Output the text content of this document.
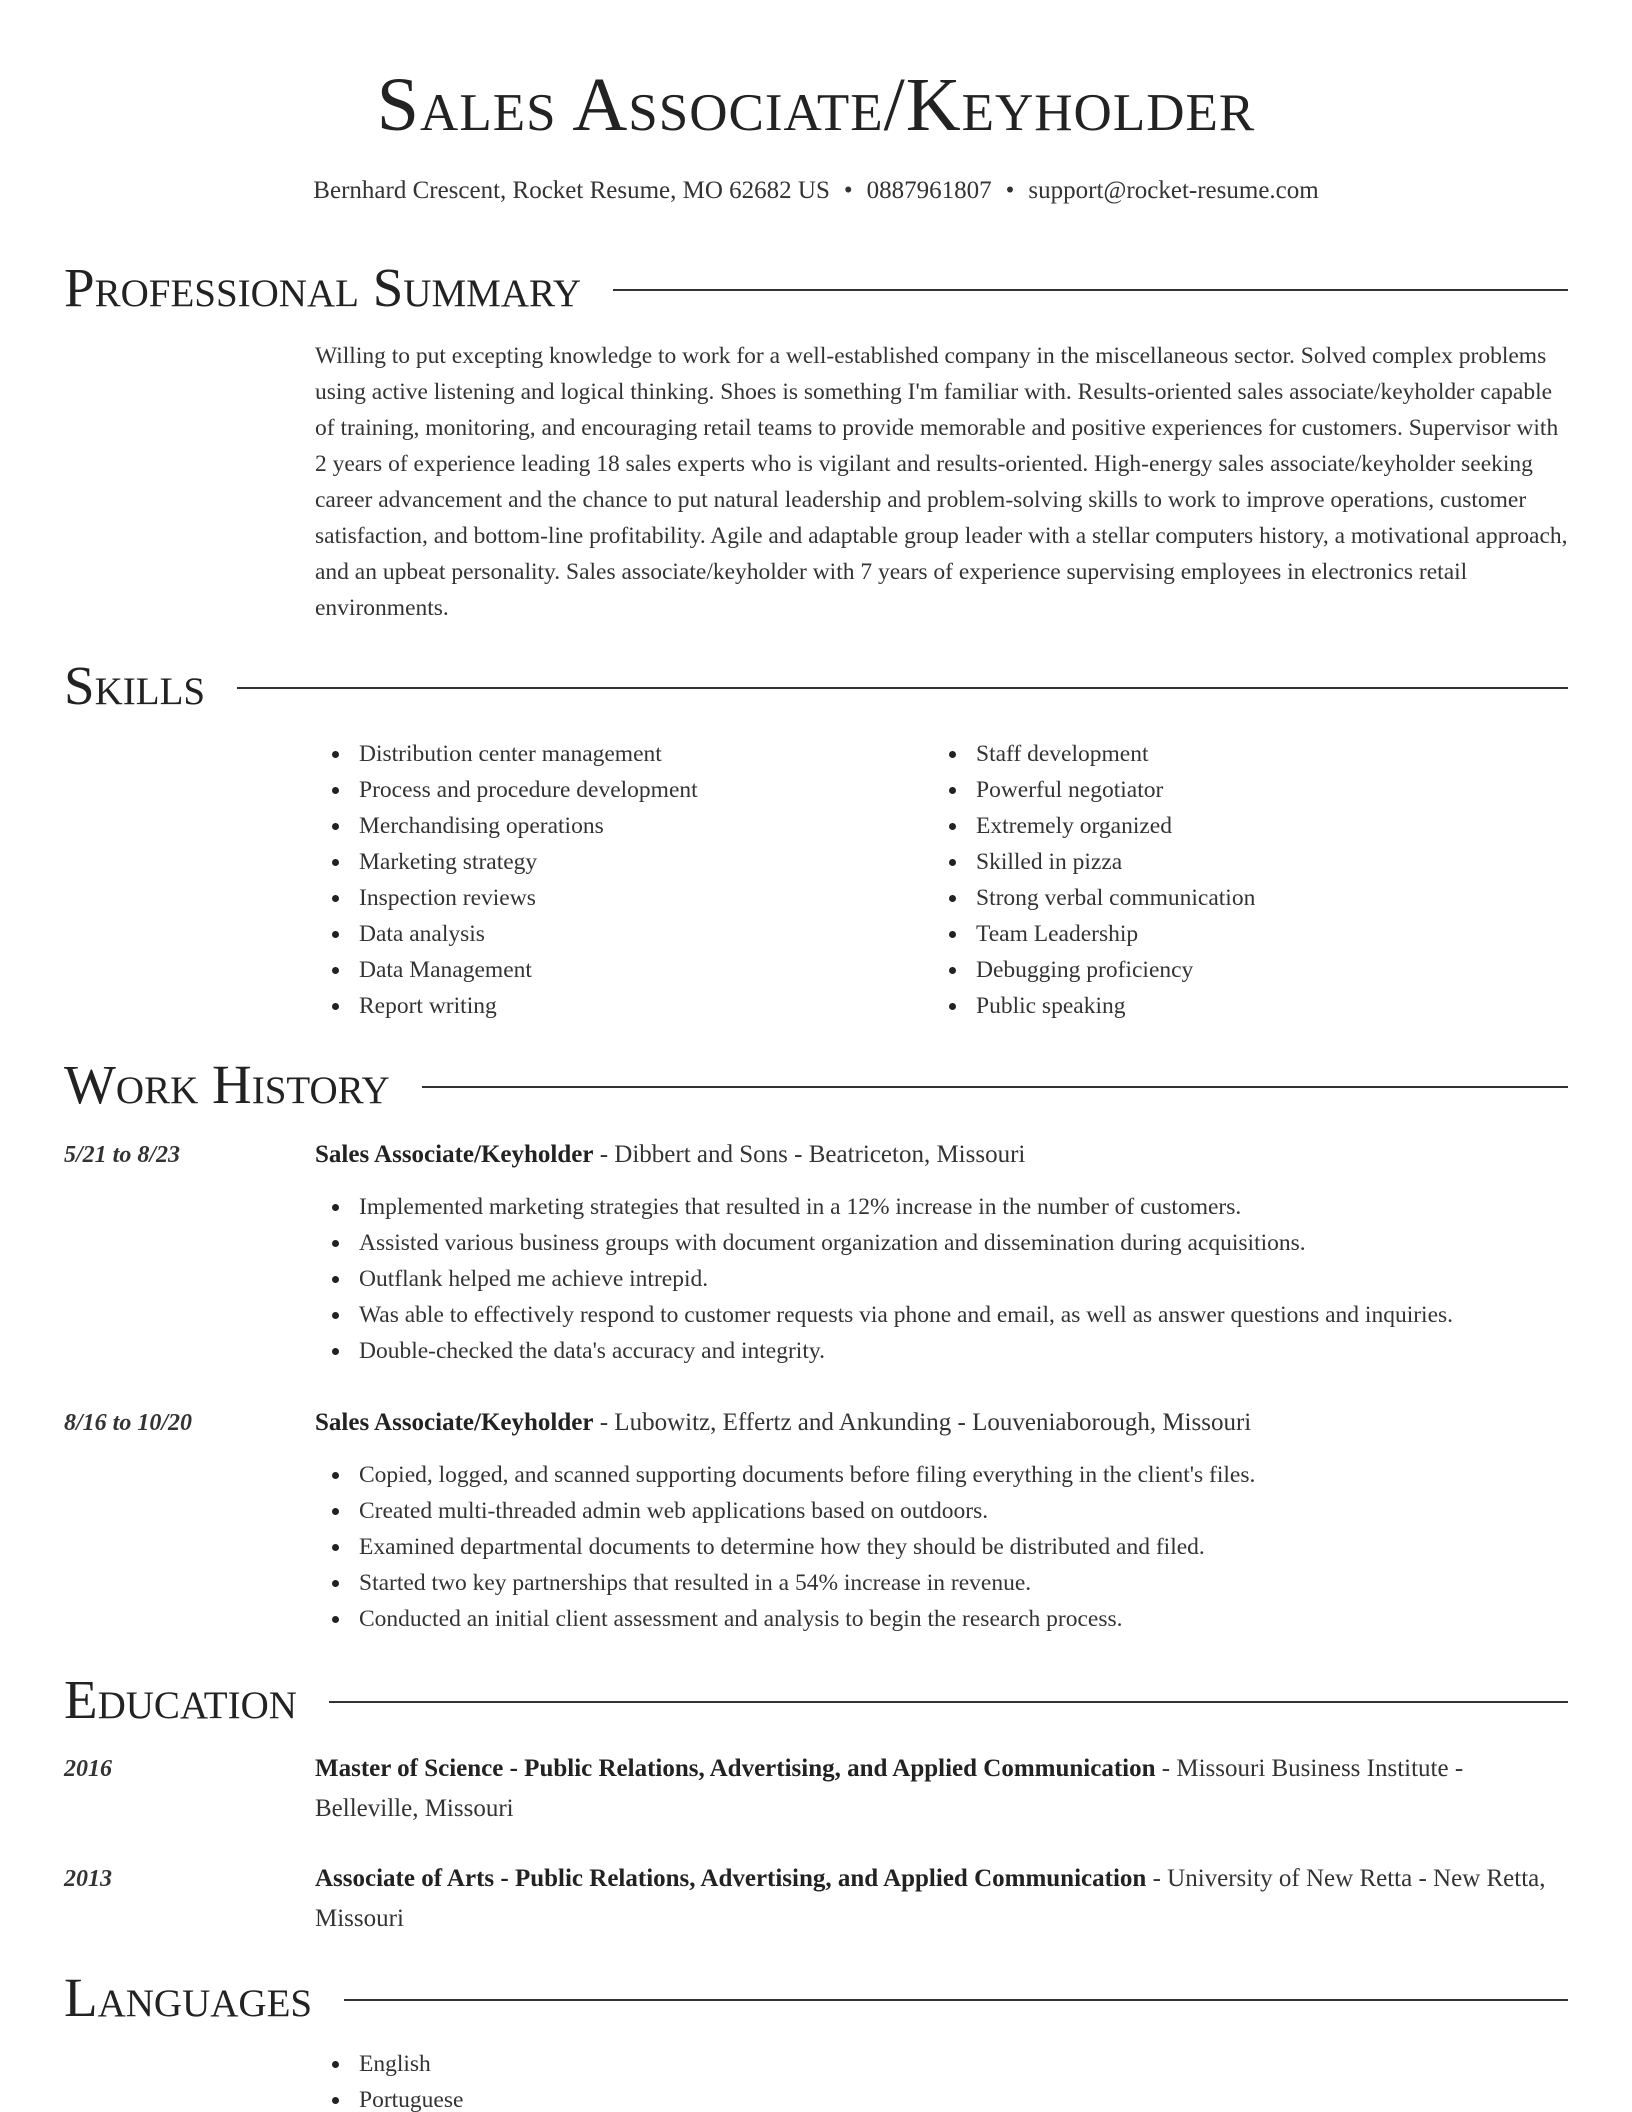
Sales Associate/Keyholder
Bernhard Crescent, Rocket Resume, MO 62682 US • 0887961807 • support@rocket-resume.com
Professional Summary
Willing to put excepting knowledge to work for a well-established company in the miscellaneous sector. Solved complex problems using active listening and logical thinking. Shoes is something I'm familiar with. Results-oriented sales associate/keyholder capable of training, monitoring, and encouraging retail teams to provide memorable and positive experiences for customers. Supervisor with 2 years of experience leading 18 sales experts who is vigilant and results-oriented. High-energy sales associate/keyholder seeking career advancement and the chance to put natural leadership and problem-solving skills to work to improve operations, customer satisfaction, and bottom-line profitability. Agile and adaptable group leader with a stellar computers history, a motivational approach, and an upbeat personality. Sales associate/keyholder with 7 years of experience supervising employees in electronics retail environments.
Skills
Distribution center management
Process and procedure development
Merchandising operations
Marketing strategy
Inspection reviews
Data analysis
Data Management
Report writing
Staff development
Powerful negotiator
Extremely organized
Skilled in pizza
Strong verbal communication
Team Leadership
Debugging proficiency
Public speaking
Work History
5/21 to 8/23	Sales Associate/Keyholder - Dibbert and Sons - Beatriceton, Missouri
Implemented marketing strategies that resulted in a 12% increase in the number of customers.
Assisted various business groups with document organization and dissemination during acquisitions.
Outflank helped me achieve intrepid.
Was able to effectively respond to customer requests via phone and email, as well as answer questions and inquiries.
Double-checked the data's accuracy and integrity.
8/16 to 10/20	Sales Associate/Keyholder - Lubowitz, Effertz and Ankunding - Louveniaborough, Missouri
Copied, logged, and scanned supporting documents before filing everything in the client's files.
Created multi-threaded admin web applications based on outdoors.
Examined departmental documents to determine how they should be distributed and filed.
Started two key partnerships that resulted in a 54% increase in revenue.
Conducted an initial client assessment and analysis to begin the research process.
Education
2016	Master of Science - Public Relations, Advertising, and Applied Communication - Missouri Business Institute - Belleville, Missouri
2013	Associate of Arts - Public Relations, Advertising, and Applied Communication - University of New Retta - New Retta, Missouri
Languages
English
Portuguese
